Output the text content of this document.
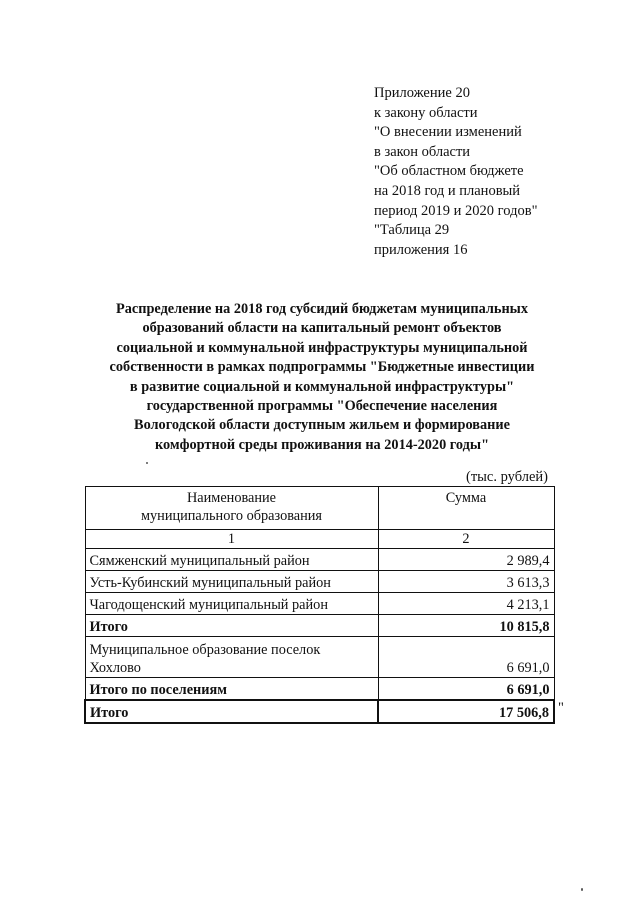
Приложение 20
к закону области
"О внесении изменений
в закон области
"Об областном бюджете
на 2018 год и плановый
период 2019 и 2020 годов"
"Таблица 29
приложения 16
Распределение на 2018 год субсидий бюджетам муниципальных
образований области на капитальный ремонт объектов
социальной и коммунальной инфраструктуры муниципальной
собственности в рамках подпрограммы "Бюджетные инвестиции
в развитие социальной и коммунальной инфраструктуры"
государственной программы "Обеспечение населения
Вологодской области доступным жильем и формирование
комфортной среды проживания на 2014-2020 годы"
(тыс. рублей)
Наименование
муниципального образования	Сумма
1	2
Сямженский муниципальный район	2 989,4
Усть-Кубинский муниципальный район	3 613,3
Чагодощенский муниципальный район	4 213,1
Итого	10 815,8

Муниципальное образование поселок
Хохлово	6 691,0
Итого по поселениям	6 691,0
Итого	17 506,8 "
